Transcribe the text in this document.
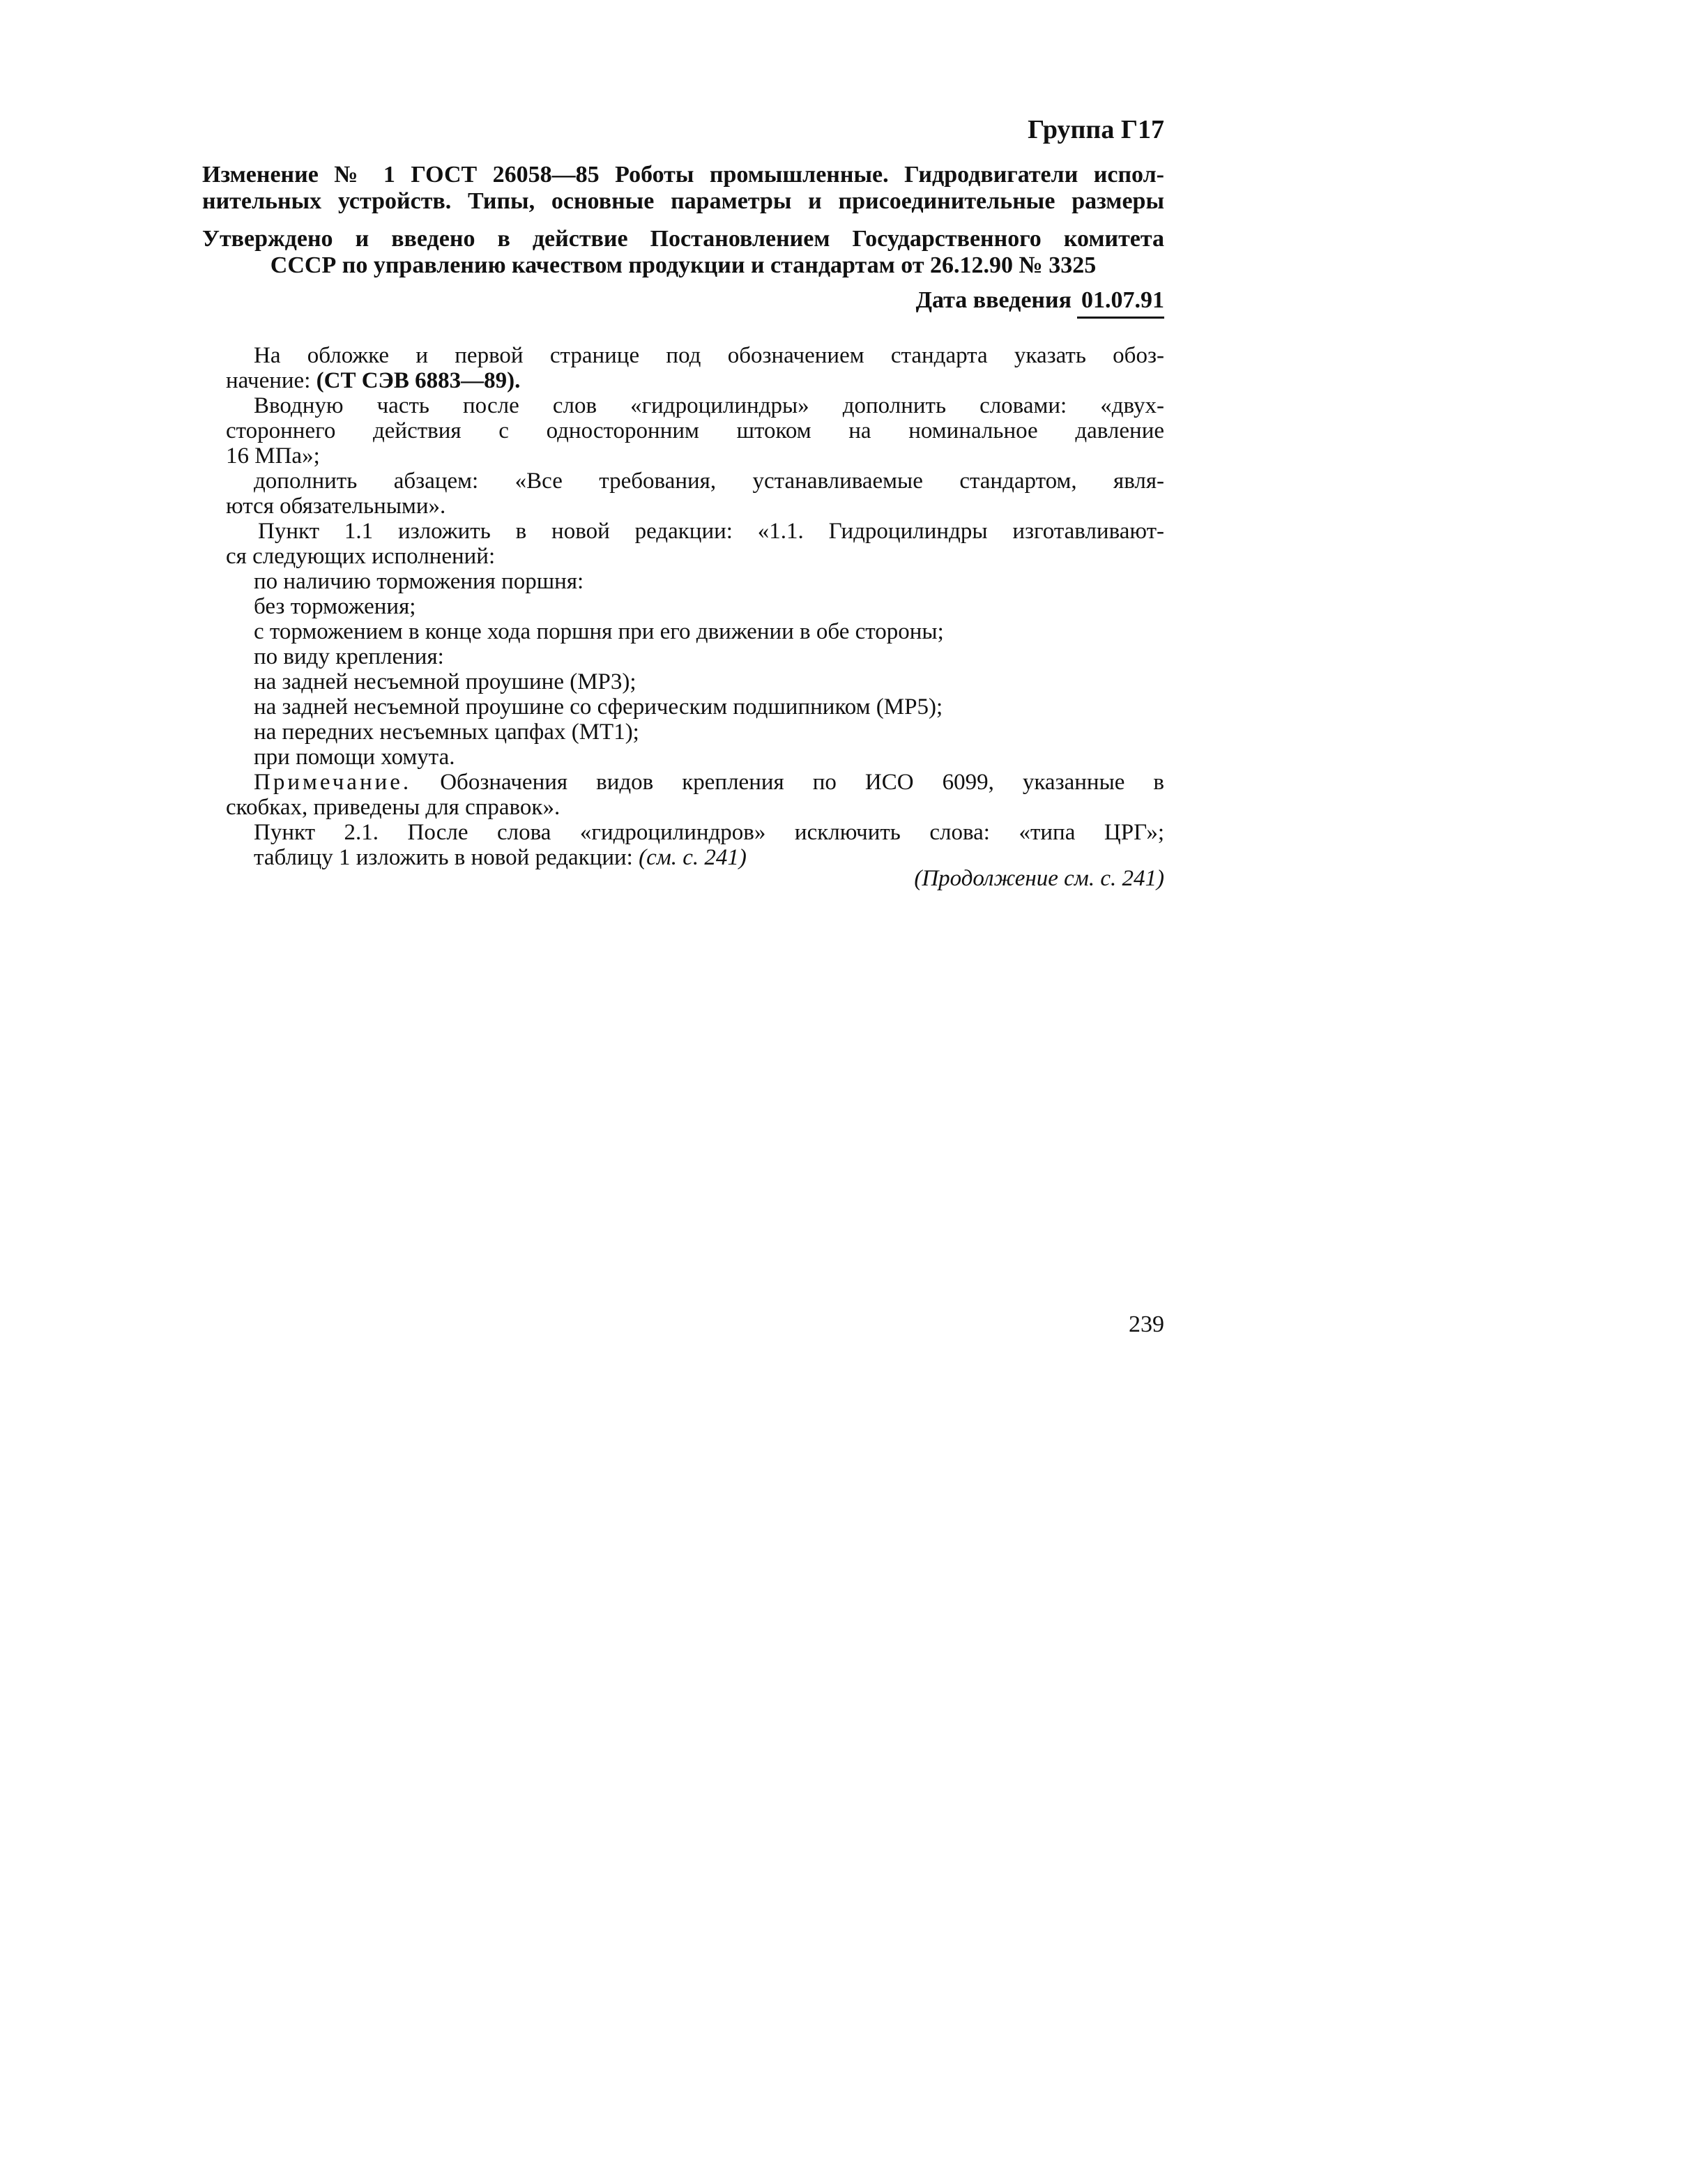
Группа Г17
Изменение № 1 ГОСТ 26058—85 Роботы промышленные. Гидродвигатели испол-
нительных устройств. Типы, основные параметры и присоединительные размеры
Утверждено и введено в действие Постановлением Государственного комитета
СССР по управлению качеством продукции и стандартам от 26.12.90 № 3325
Дата введения 01.07.91
На обложке и первой странице под обозначением стандарта указать обоз-
начение: (СТ СЭВ 6883—89).
Вводную часть после слов «гидроцилиндры» дополнить словами: «двух-
стороннего действия с односторонним штоком на номинальное давление
16 МПа»;
дополнить абзацем: «Все требования, устанавливаемые стандартом, явля-
ются обязательными».
Пункт 1.1 изложить в новой редакции: «1.1. Гидроцилиндры изготавливают-
ся следующих исполнений:
по наличию торможения поршня:
без торможения;
с торможением в конце хода поршня при его движении в обе стороны;
по виду крепления:
на задней несъемной проушине (МР3);
на задней несъемной проушине со сферическим подшипником (МР5);
на передних несъемных цапфах (МТ1);
при помощи хомута.
Примечание. Обозначения видов крепления по ИСО 6099, указанные в
скобках, приведены для справок».
Пункт 2.1. После слова «гидроцилиндров» исключить слова: «типа ЦРГ»;
таблицу 1 изложить в новой редакции: (см. с. 241)
(Продолжение см. с. 241)
239
